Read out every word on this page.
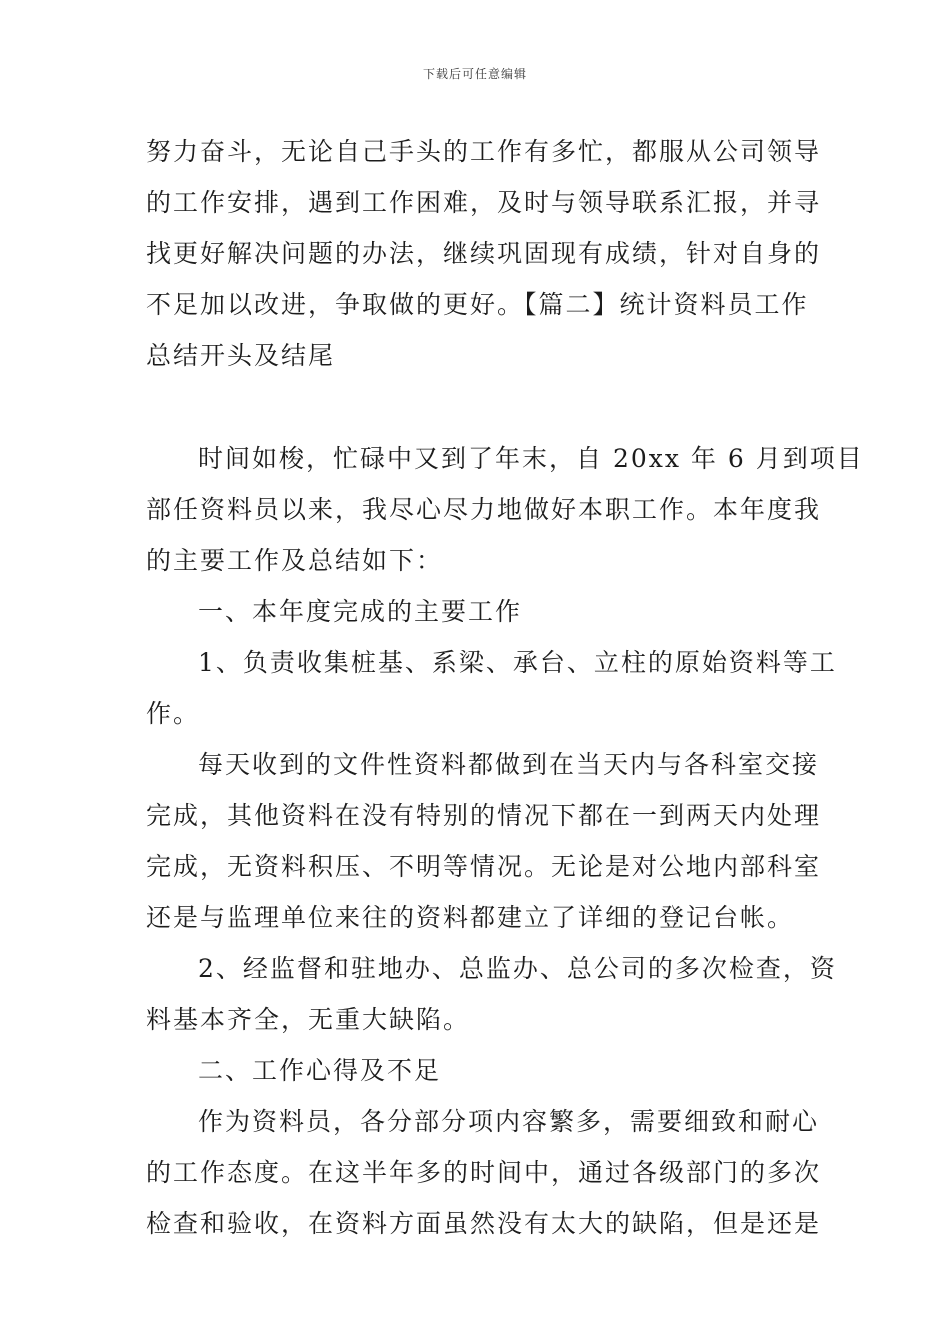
下载后可任意编辑
努力奋斗，无论自己手头的工作有多忙，都服从公司领导
的工作安排，遇到工作困难，及时与领导联系汇报，并寻
找更好解决问题的办法，继续巩固现有成绩，针对自身的
不足加以改进，争取做的更好。【篇二】统计资料员工作
总结开头及结尾
时间如梭，忙碌中又到了年末，自 20xx 年 6 月到项目
部任资料员以来，我尽心尽力地做好本职工作。本年度我
的主要工作及总结如下：
一、本年度完成的主要工作
1、负责收集桩基、系梁、承台、立柱的原始资料等工
作。
每天收到的文件性资料都做到在当天内与各科室交接
完成，其他资料在没有特别的情况下都在一到两天内处理
完成，无资料积压、不明等情况。无论是对公地内部科室
还是与监理单位来往的资料都建立了详细的登记台帐。
2、经监督和驻地办、总监办、总公司的多次检查，资
料基本齐全，无重大缺陷。
二、工作心得及不足
作为资料员，各分部分项内容繁多，需要细致和耐心
的工作态度。在这半年多的时间中，通过各级部门的多次
检查和验收，在资料方面虽然没有太大的缺陷，但是还是
